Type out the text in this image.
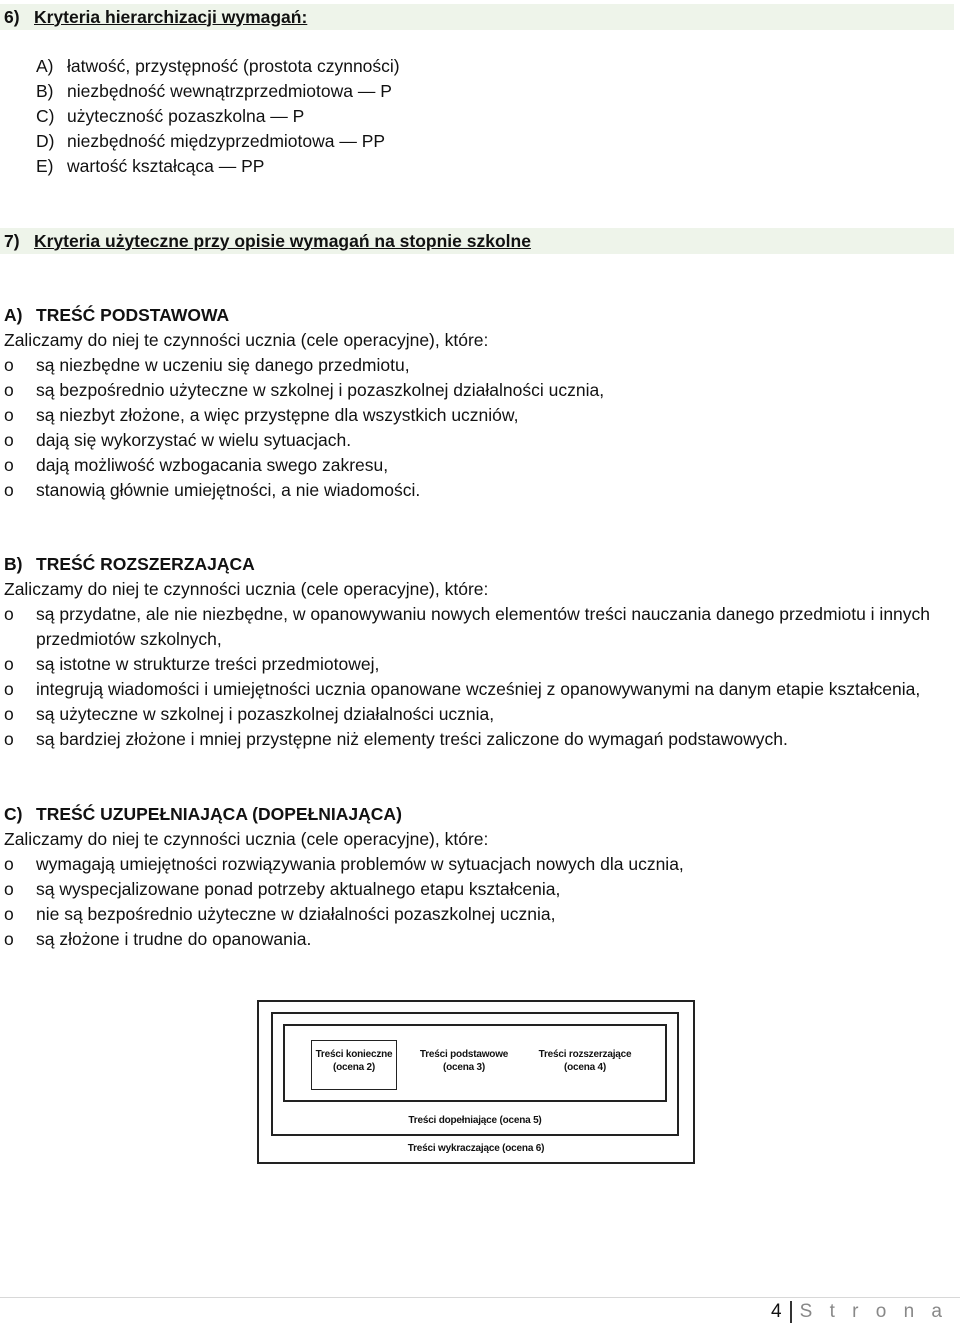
6) Kryteria hierarchizacji wymagań:
A) łatwość, przystępność (prostota czynności)
B) niezbędność wewnątrzprzedmiotowa — P
C) użyteczność pozaszkolna — P
D) niezbędność międzyprzedmiotowa — PP
E) wartość kształcąca — PP
7) Kryteria użyteczne przy opisie wymagań na stopnie szkolne
A) TREŚĆ PODSTAWOWA
Zaliczamy do niej te czynności ucznia (cele operacyjne), które:
o	są niezbędne w uczeniu się danego przedmiotu,
o	są bezpośrednio użyteczne w szkolnej i pozaszkolnej działalności ucznia,
o	są niezbyt złożone, a więc przystępne dla wszystkich uczniów,
o	dają się wykorzystać w wielu sytuacjach.
o	dają możliwość wzbogacania swego zakresu,
o	stanowią głównie umiejętności, a nie wiadomości.
B) TREŚĆ ROZSZERZAJĄCA
Zaliczamy do niej te czynności ucznia (cele operacyjne), które:
o	są przydatne, ale nie niezbędne, w opanowywaniu nowych elementów treści nauczania danego przedmiotu i innych przedmiotów szkolnych,
o	są istotne w strukturze treści przedmiotowej,
o	integrują wiadomości i umiejętności ucznia opanowane wcześniej z opanowywanymi na danym etapie kształcenia,
o	są użyteczne w szkolnej i pozaszkolnej działalności ucznia,
o	są bardziej złożone i mniej przystępne niż elementy treści zaliczone do wymagań podstawowych.
C) TREŚĆ UZUPEŁNIAJĄCA (DOPEŁNIAJĄCA)
Zaliczamy do niej te czynności ucznia (cele operacyjne), które:
o	wymagają umiejętności rozwiązywania problemów w sytuacjach nowych dla ucznia,
o	są wyspecjalizowane ponad potrzeby aktualnego etapu kształcenia,
o	nie są bezpośrednio użyteczne w działalności pozaszkolnej ucznia,
o	są złożone i trudne do opanowania.
Treści konieczne
(ocena 2)
Treści podstawowe
(ocena 3)
Treści rozszerzające
(ocena 4)
Treści dopełniające (ocena 5)
Treści wykraczające (ocena 6)
4 S t r o n a
